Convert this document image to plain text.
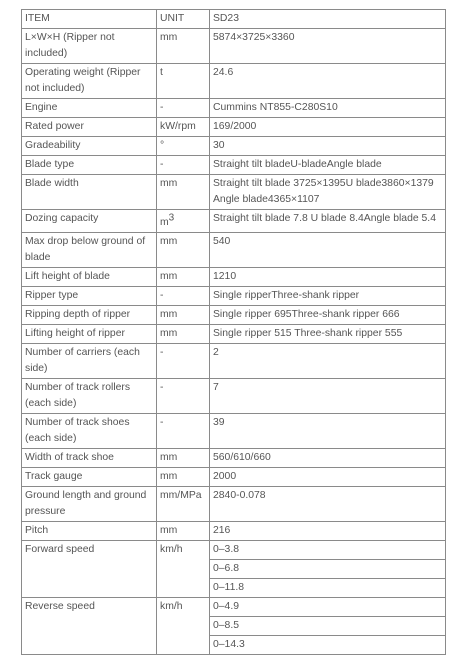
ITEM	UNIT	SD23
L×W×H (Ripper not included)	mm	5874×3725×3360
Operating weight (Ripper not included)	t	24.6
Engine	-	Cummins NT855-C280S10
Rated power	kW/rpm	169/2000
Gradeability	°	30
Blade type	-	Straight tilt bladeU-bladeAngle blade
Blade width	mm	Straight tilt blade 3725×1395U blade3860×1379      Angle blade4365×1107
Dozing capacity	$m^3$	Straight tilt blade 7.8 U blade 8.4Angle blade 5.4
Max drop below ground of blade	mm	540
Lift height of blade	mm	1210
Ripper type	-	Single ripperThree-shank ripper
Ripping depth of ripper	mm	Single ripper 695Three-shank ripper 666
Lifting height of ripper	mm	Single ripper 515 Three-shank ripper 555
Number of carriers (each side)	-	2
Number of track rollers (each side)	-	7
Number of track shoes (each side)	-	39
Width of track shoe	mm	560/610/660
Track gauge	mm	2000
Ground length and ground pressure	mm/MPa	2840-0.078
Pitch	mm	216
Forward speed	km/h	0–3.8
		0–6.8
		0–11.8
Reverse speed	km/h	0–4.9
		0–8.5
		0–14.3
